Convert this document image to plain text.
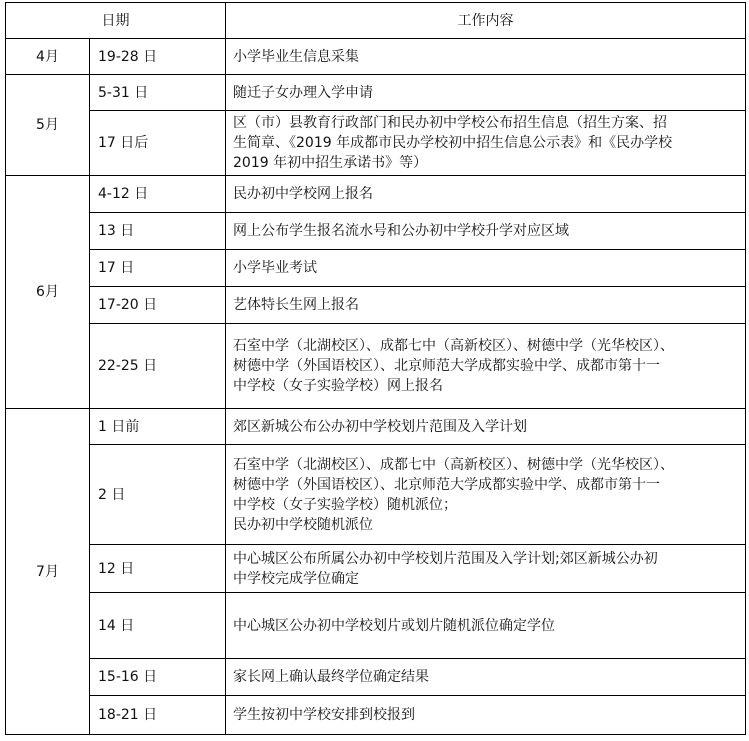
日期		工作内容
4月	19-28 日	小学毕业生信息采集

5月	5-31 日	随迁子女办理入学申请

	17 日后	区（市）县教育行政部门和民办初中学校公布招生信息（招生方案、招
生简章、《2019 年成都市民办学校初中招生信息公示表》和《民办学校
2019 年初中招生承诺书》等）

6月	4-12 日	民办初中学校网上报名

	13 日	网上公布学生报名流水号和公办初中学校升学对应区域

	17 日	小学毕业考试

	17-20 日	艺体特长生网上报名

	22-25 日	石室中学（北湖校区）、成都七中（高新校区）、树德中学（光华校区）、
树德中学（外国语校区）、北京师范大学成都实验中学、成都市第十一
中学校（女子实验学校）网上报名

7月	1 日前	郊区新城公布公办初中学校划片范围及入学计划

	2 日	石室中学（北湖校区）、成都七中（高新校区）、树德中学（光华校区）、
树德中学（外国语校区）、北京师范大学成都实验中学、成都市第十一
中学校（女子实验学校）随机派位；
民办初中学校随机派位

	12 日	中心城区公布所属公办初中学校划片范围及入学计划;郊区新城公办初
中学校完成学位确定

	14 日	中心城区公办初中学校划片或划片随机派位确定学位

	15-16 日	家长网上确认最终学位确定结果

	18-21 日	学生按初中学校安排到校报到
